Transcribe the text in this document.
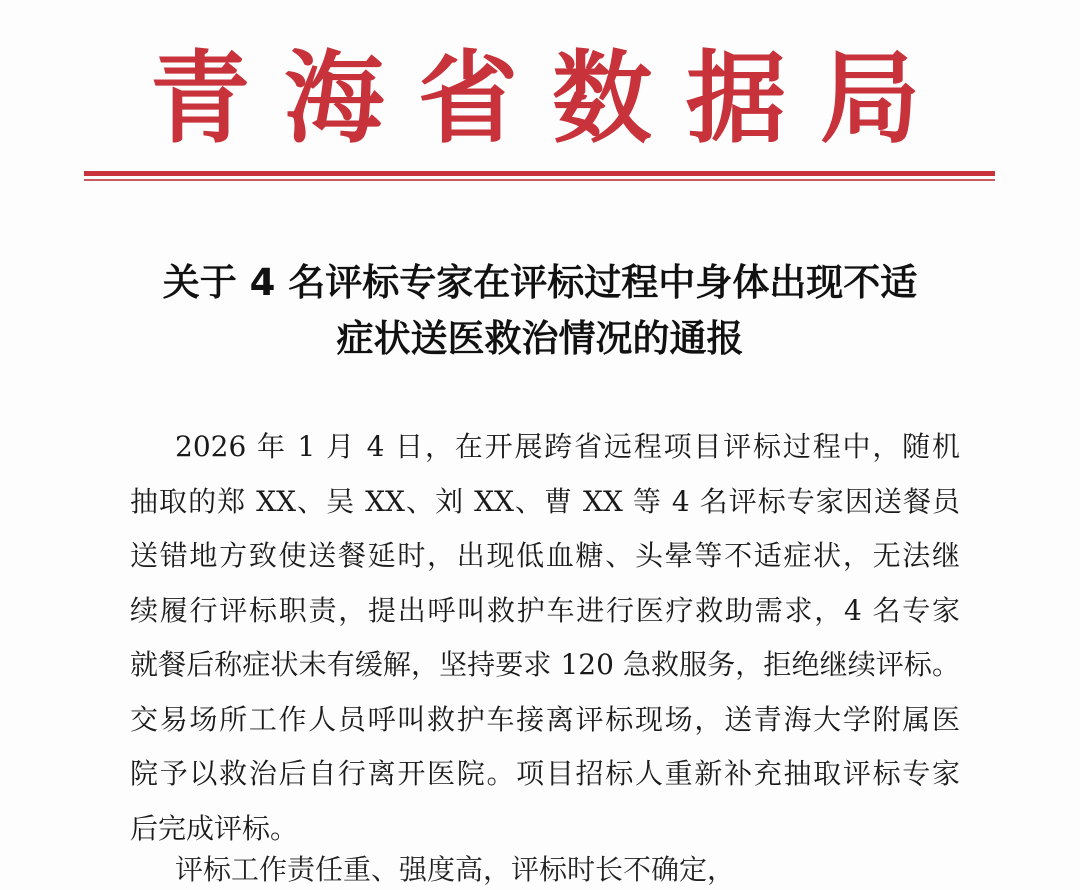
青 海 省 数 据 局
关于 4 名评标专家在评标过程中身体出现不适
症状送医救治情况的通报
2026 年 1 月 4 日，在开展跨省远程项目评标过程中，随机
抽取的郑 XX、吴 XX、刘 XX、曹 XX 等 4 名评标专家因送餐员
送错地方致使送餐延时，出现低血糖、头晕等不适症状，无法继
续履行评标职责，提出呼叫救护车进行医疗救助需求，4 名专家
就餐后称症状未有缓解，坚持要求 120 急救服务，拒绝继续评标。
交易场所工作人员呼叫救护车接离评标现场，送青海大学附属医
院予以救治后自行离开医院。项目招标人重新补充抽取评标专家
后完成评标。
评标工作责任重、强度高，评标时长不确定，
